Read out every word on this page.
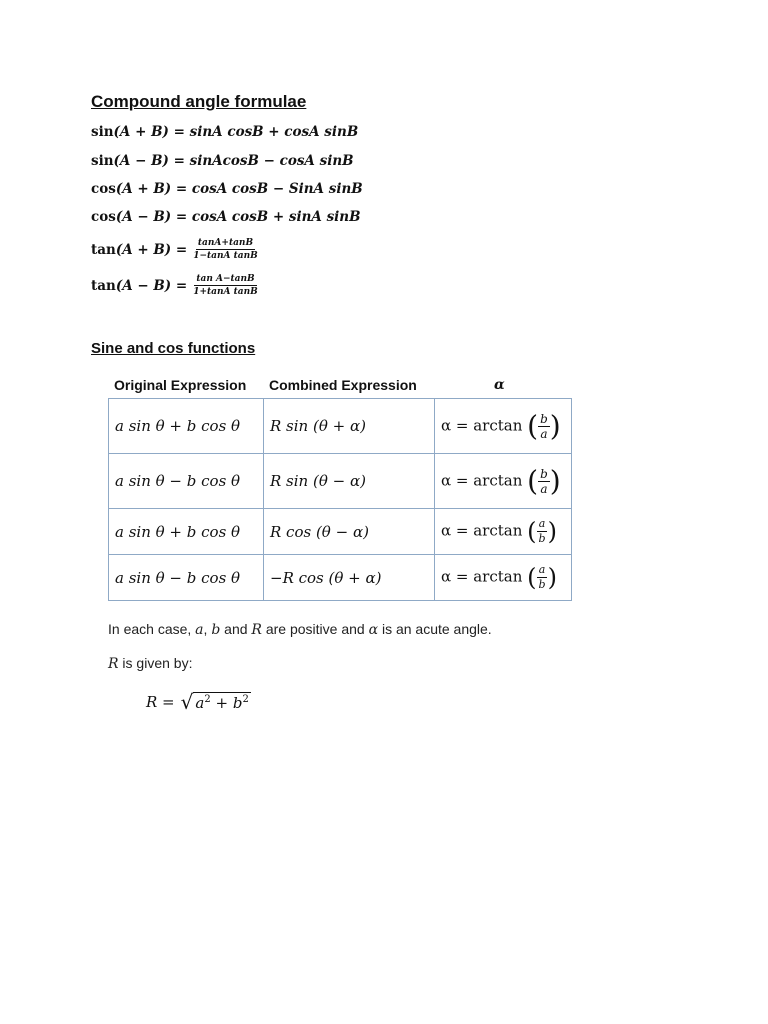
Compound angle formulae
sin (A + B)
= sinA cosB + cosA sinB
sin (A − B)
= sinAcosB − cosA sinB
cos (A + B)
= cosA cosB − SinA sinB
cos (A − B)
= cosA cosB + sinA sinB
tan (A + B)
= $\frac{\tan A+\tan B}{\text{1−tanA tanB}}$
tan (A − B)
= $\frac{\text{tan A−tanB}}{\text{1+tanA tanB}}$
Sine and cos functions
Original Expression Combined Expression	α
a sin θ + b cos θ	R sin (θ + α)	α = arctan ( $\frac{b}{a}$ )
a sin θ − b cos θ	R sin (θ − α)	α = arctan ( $\frac{b}{a}$ )
a sin θ + b cos θ	R cos (θ − α)	α = arctan ( $\frac{a}{b}$ )
a sin θ − b cos θ	−R cos (θ + α)	α = arctan ( $\frac{a}{b}$ )

In each case, a, b and R are positive and α is an acute angle.

R is given by:

R = √ $a^2 + b^2$
